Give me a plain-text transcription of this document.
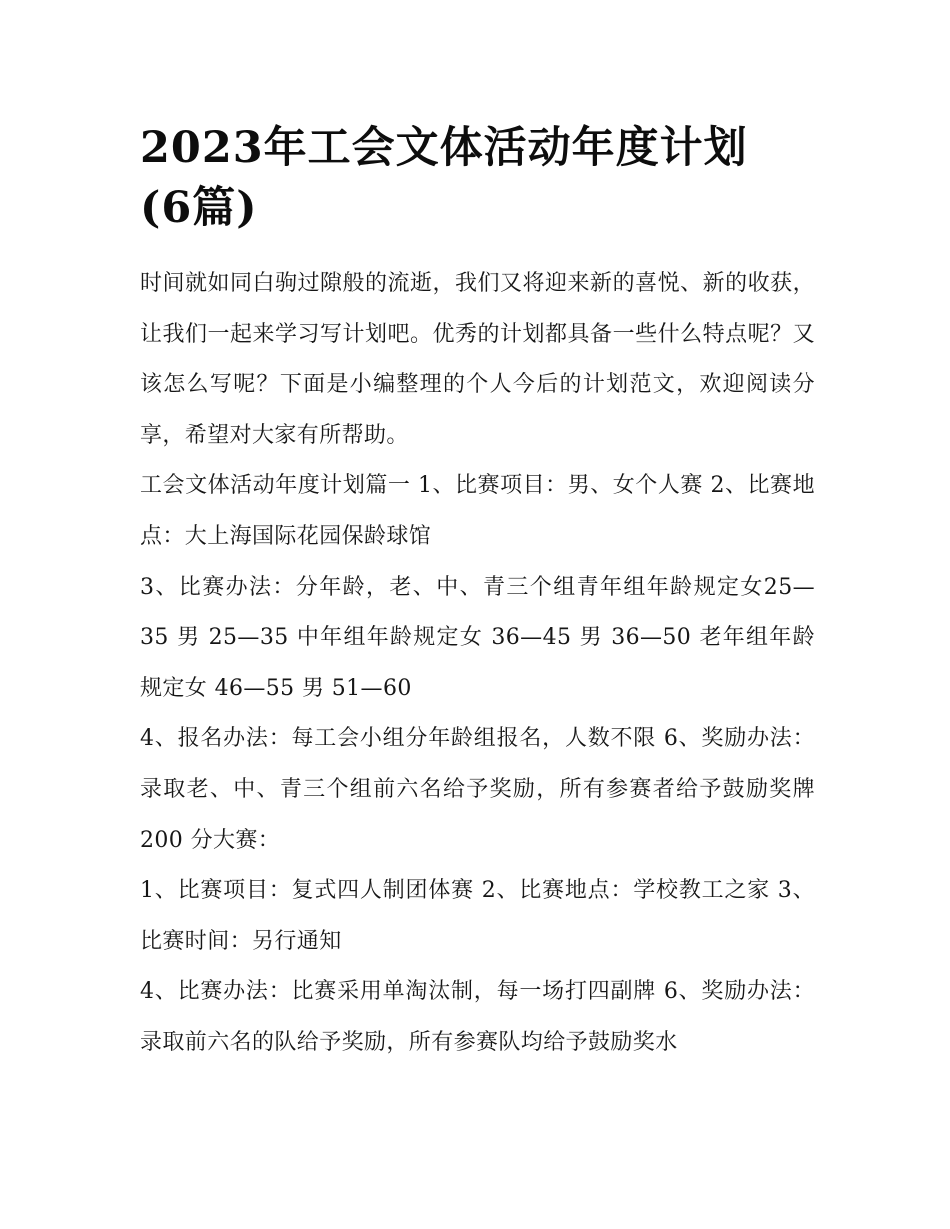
2023年工会文体活动年度计划
(6篇)

时间就如同白驹过隙般的流逝，我们又将迎来新的喜悦、新的收获，让我们一起来学习写计划吧。优秀的计划都具备一些什么特点呢？又该怎么写呢？下面是小编整理的个人今后的计划范文，欢迎阅读分享，希望对大家有所帮助。

工会文体活动年度计划篇一 1、比赛项目：男、女个人赛 2、比赛地点：大上海国际花园保龄球馆

3、比赛办法：分年龄，老、中、青三个组青年组年龄规定女25—35 男 25—35 中年组年龄规定女 36—45 男 36—50 老年组年龄规定女 46—55 男 51—60

4、报名办法：每工会小组分年龄组报名，人数不限 6、奖励办法：录取老、中、青三个组前六名给予奖励，所有参赛者给予鼓励奖牌 200 分大赛：

1、比赛项目：复式四人制团体赛 2、比赛地点：学校教工之家 3、比赛时间：另行通知

4、比赛办法：比赛采用单淘汰制，每一场打四副牌 6、奖励办法：录取前六名的队给予奖励，所有参赛队均给予鼓励奖水
